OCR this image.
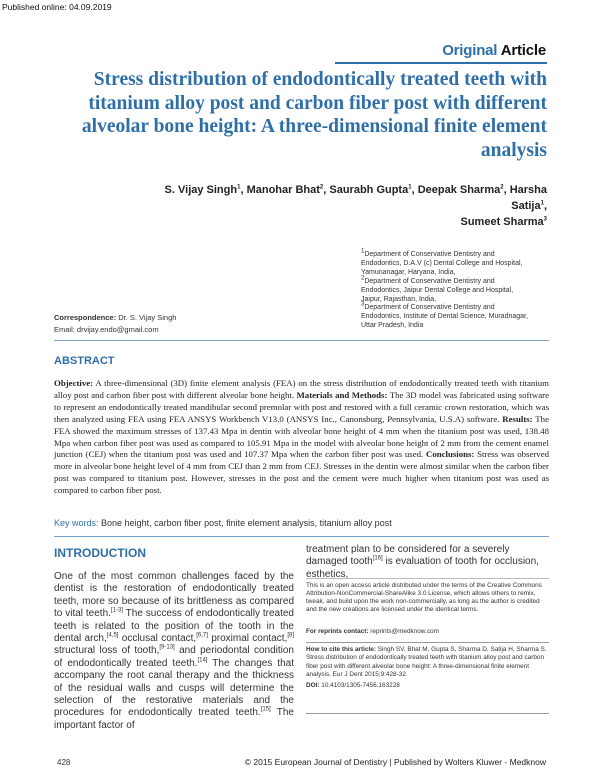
Published online: 04.09.2019
Original Article
Stress distribution of endodontically treated teeth with titanium alloy post and carbon fiber post with different alveolar bone height: A three-dimensional finite element analysis
S. Vijay Singh$^1$, Manohar Bhat$^2$, Saurabh Gupta$^1$, Deepak Sharma$^2$, Harsha Satija$^1$,
Sumeet Sharma$^3$
$^1$Department of Conservative Dentistry and
Endodontics, D.A.V (c) Dental College and Hospital,
Yamunanagar, Haryana, India,
$^2$Department of Conservative Dentistry and
Endodontics, Jaipur Dental College and Hospital,
Jaipur, Rajasthan, India,
$^3$Department of Conservative Dentistry and
Endodontics, Institute of Dental Science, Muradnagar,
Uttar Pradesh, India
Correspondence: Dr. S. Vijay Singh
Email: drvijay.endo@gmail.com
ABSTRACT
Objective: A three-dimensional (3D) finite element analysis (FEA) on the stress distribution of endodontically treated teeth with titanium alloy post and carbon fiber post with different alveolar bone height. Materials and Methods: The 3D model was fabricated using software to represent an endodontically treated mandibular second premolar with post and restored with a full ceramic crown restoration, which was then analyzed using FEA using FEA ANSYS Workbench V13.0 (ANSYS Inc., Canonsburg, Pennsylvania, U.S.A) software. Results: The FEA showed the maximum stresses of 137.43 Mpa in dentin with alveolar bone height of 4 mm when the titanium post was used, 138.48 Mpa when carbon fiber post was used as compared to 105.91 Mpa in the model with alveolar bone height of 2 mm from the cement enamel junction (CEJ) when the titanium post was used and 107.37 Mpa when the carbon fiber post was used. Conclusions: Stress was observed more in alveolar bone height level of 4 mm from CEJ than 2 mm from CEJ. Stresses in the dentin were almost similar when the carbon fiber post was compared to titanium post. However, stresses in the post and the cement were much higher when titanium post was used as compared to carbon fiber post.
Key words: Bone height, carbon fiber post, finite element analysis, titanium alloy post
INTRODUCTION
One of the most common challenges faced by the dentist is the restoration of endodontically treated teeth, more so because of its brittleness as compared to vital teeth.[1-3] The success of endodontically treated teeth is related to the position of the tooth in the dental arch,[4,5] occlusal contact,[6,7] proximal contact,[8] structural loss of tooth,[9-13] and periodontal condition of endodontically treated teeth.[14] The changes that accompany the root canal therapy and the thickness of the residual walls and cusps will determine the selection of the restorative materials and the procedures for endodontically treated teeth.[15] The important factor of
treatment plan to be considered for a severely damaged tooth[16] is evaluation of tooth for occlusion, esthetics,
This is an open access article distributed under the terms of the Creative Commons Attribution-NonCommercial-ShareAlike 3.0 License, which allows others to remix, tweak, and build upon the work non-commercially, as long as the author is credited and the new creations are licensed under the identical terms.
For reprints contact: reprints@medknow.com
How to cite this article: Singh SV, Bhat M, Gupta S, Sharma D, Satija H, Sharma S. Stress distribution of endodontically treated teeth with titanium alloy post and carbon fiber post with different alveolar bone height: A three-dimensional finite element analysis. Eur J Dent 2015;9:428-32.
DOI: 10.4103/1305-7456.163228
428	© 2015 European Journal of Dentistry | Published by Wolters Kluwer - Medknow
